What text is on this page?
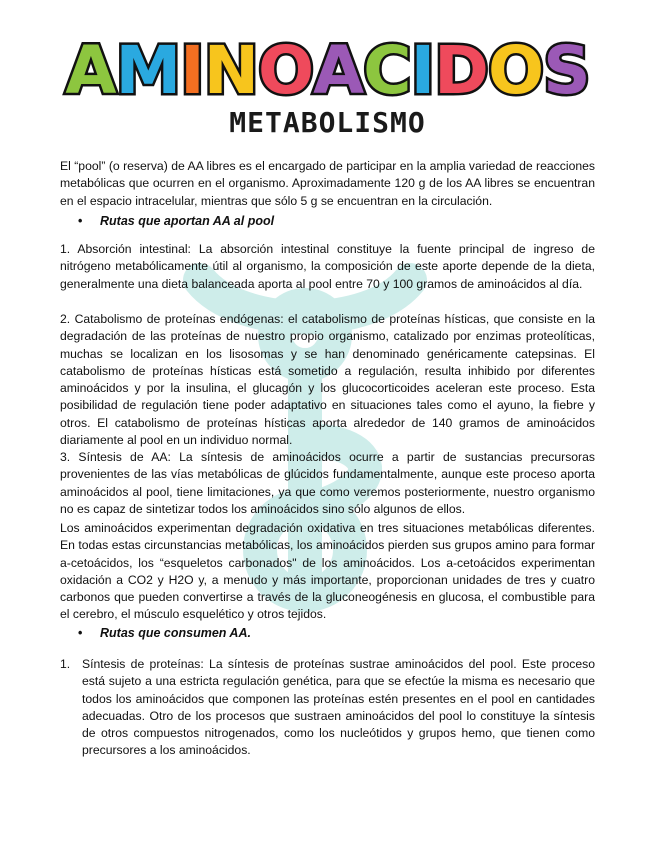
A M I N O A C I D O S
METABOLISMO
El “pool” (o reserva) de AA libres es el encargado de participar en la amplia variedad de reacciones metabólicas que ocurren en el organismo. Aproximadamente 120 g de los AA libres se encuentran en el espacio intracelular, mientras que sólo 5 g se encuentran en la circulación.
• Rutas que aportan AA al pool
1. Absorción intestinal: La absorción intestinal constituye la fuente principal de ingreso de nitrógeno metabólicamente útil al organismo, la composición de este aporte depende de la dieta, generalmente una dieta balanceada aporta al pool entre 70 y 100 gramos de aminoácidos al día.
2. Catabolismo de proteínas endógenas: el catabolismo de proteínas hísticas, que consiste en la degradación de las proteínas de nuestro propio organismo, catalizado por enzimas proteolíticas, muchas se localizan en los lisosomas y se han denominado genéricamente catepsinas. El catabolismo de proteínas hísticas está sometido a regulación, resulta inhibido por diferentes aminoácidos y por la insulina, el glucagón y los glucocorticoides aceleran este proceso. Esta posibilidad de regulación tiene poder adaptativo en situaciones tales como el ayuno, la fiebre y otros. El catabolismo de proteínas hísticas aporta alrededor de 140 gramos de aminoácidos diariamente al pool en un individuo normal.
3. Síntesis de AA: La síntesis de aminoácidos ocurre a partir de sustancias precursoras provenientes de las vías metabólicas de glúcidos fundamentalmente, aunque este proceso aporta aminoácidos al pool, tiene limitaciones, ya que como veremos posteriormente, nuestro organismo no es capaz de sintetizar todos los aminoácidos sino sólo algunos de ellos.
Los aminoácidos experimentan degradación oxidativa en tres situaciones metabólicas diferentes. En todas estas circunstancias metabólicas, los aminoácidos pierden sus grupos amino para formar a-cetoácidos, los “esqueletos carbonados" de los aminoácidos. Los a-cetoácidos experimentan oxidación a CO2 y H2O y, a menudo y más importante, proporcionan unidades de tres y cuatro carbonos que pueden convertirse a través de la gluconeogénesis en glucosa, el combustible para el cerebro, el músculo esquelético y otros tejidos.
• Rutas que consumen AA.
1. Síntesis de proteínas: La síntesis de proteínas sustrae aminoácidos del pool. Este proceso está sujeto a una estricta regulación genética, para que se efectúe la misma es necesario que todos los aminoácidos que componen las proteínas estén presentes en el pool en cantidades adecuadas. Otro de los procesos que sustraen aminoácidos del pool lo constituye la síntesis de otros compuestos nitrogenados, como los nucleótidos y grupos hemo, que tienen como precursores a los aminoácidos.
